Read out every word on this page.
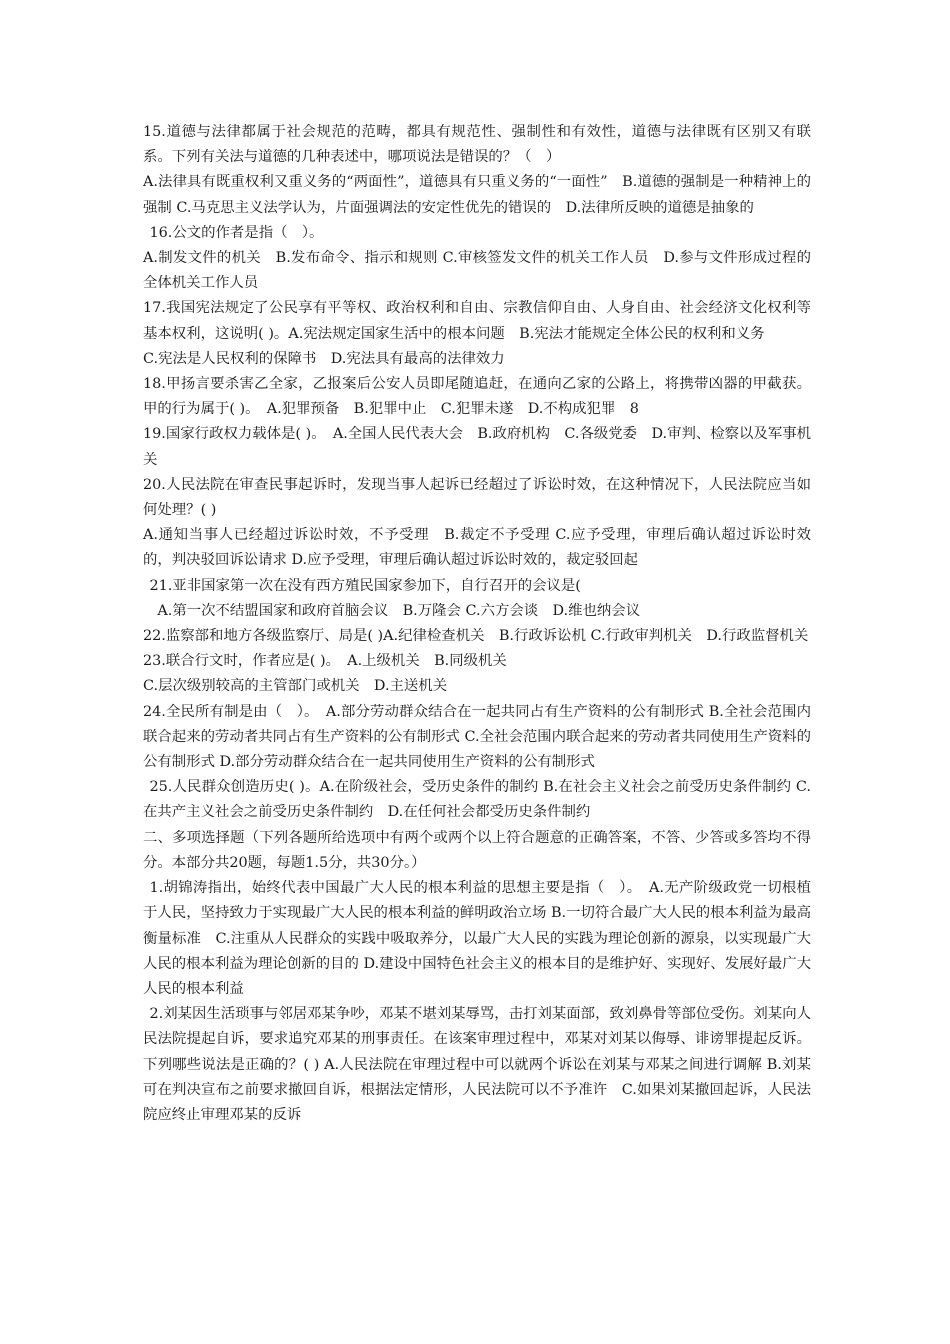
15.道德与法律都属于社会规范的范畴，都具有规范性、强制性和有效性，道德与法律既有区别又有联系。下列有关法与道德的几种表述中，哪项说法是错误的？（　）

A.法律具有既重权利又重义务的“两面性”，道德具有只重义务的“一面性”　B.道德的强制是一种精神上的强制 C.马克思主义法学认为，片面强调法的安定性优先的错误的　D.法律所反映的道德是抽象的

16.公文的作者是指（　）。

A.制发文件的机关　B.发布命令、指示和规则 C.审核签发文件的机关工作人员　D.参与文件形成过程的全体机关工作人员

17.我国宪法规定了公民享有平等权、政治权利和自由、宗教信仰自由、人身自由、社会经济文化权利等基本权利，这说明( )。A.宪法规定国家生活中的根本问题　B.宪法才能规定全体公民的权利和义务

C.宪法是人民权利的保障书　D.宪法具有最高的法律效力

18.甲扬言要杀害乙全家，乙报案后公安人员即尾随追赶，在通向乙家的公路上，将携带凶器的甲截获。甲的行为属于( )。　A.犯罪预备　B.犯罪中止　C.犯罪未遂　D.不构成犯罪　8

19.国家行政权力载体是( )。　A.全国人民代表大会　B.政府机构　C.各级党委　D.审判、检察以及军事机关

20.人民法院在审查民事起诉时，发现当事人起诉已经超过了诉讼时效，在这种情况下，人民法院应当如何处理？( )

A.通知当事人已经超过诉讼时效，不予受理　B.裁定不予受理 C.应予受理，审理后确认超过诉讼时效的，判决驳回诉讼请求 D.应予受理，审理后确认超过诉讼时效的，裁定驳回起

21.亚非国家第一次在没有西方殖民国家参加下，自行召开的会议是(

A.第一次不结盟国家和政府首脑会议　B.万隆会 C.六方会谈　D.维也纳会议

22.监察部和地方各级监察厅、局是( )A.纪律检查机关　B.行政诉讼机 C.行政审判机关　D.行政监督机关

23.联合行文时，作者应是( )。　A.上级机关　B.同级机关

C.层次级别较高的主管部门或机关　D.主送机关

24.全民所有制是由（　）。　A.部分劳动群众结合在一起共同占有生产资料的公有制形式 B.全社会范围内联合起来的劳动者共同占有生产资料的公有制形式 C.全社会范围内联合起来的劳动者共同使用生产资料的公有制形式 D.部分劳动群众结合在一起共同使用生产资料的公有制形式

25.人民群众创造历史( )。A.在阶级社会，受历史条件的制约 B.在社会主义社会之前受历史条件制约 C.在共产主义社会之前受历史条件制约　D.在任何社会都受历史条件制约

二、多项选择题（下列各题所给选项中有两个或两个以上符合题意的正确答案，不答、少答或多答均不得分。本部分共20题，每题1.5分，共30分。）

1.胡锦涛指出，始终代表中国最广大人民的根本利益的思想主要是指（　）。　A.无产阶级政党一切根植于人民，坚持致力于实现最广大人民的根本利益的鲜明政治立场 B.一切符合最广大人民的根本利益为最高衡量标准　C.注重从人民群众的实践中吸取养分，以最广大人民的实践为理论创新的源泉，以实现最广大人民的根本利益为理论创新的目的 D.建设中国特色社会主义的根本目的是维护好、实现好、发展好最广大人民的根本利益

2.刘某因生活琐事与邻居邓某争吵，邓某不堪刘某辱骂，击打刘某面部，致刘鼻骨等部位受伤。刘某向人民法院提起自诉，要求追究邓某的刑事责任。在该案审理过程中，邓某对刘某以侮辱、诽谤罪提起反诉。下列哪些说法是正确的？( ) A.人民法院在审理过程中可以就两个诉讼在刘某与邓某之间进行调解 B.刘某可在判决宣布之前要求撤回自诉，根据法定情形，人民法院可以不予准许　C.如果刘某撤回起诉，人民法院应终止审理邓某的反诉
